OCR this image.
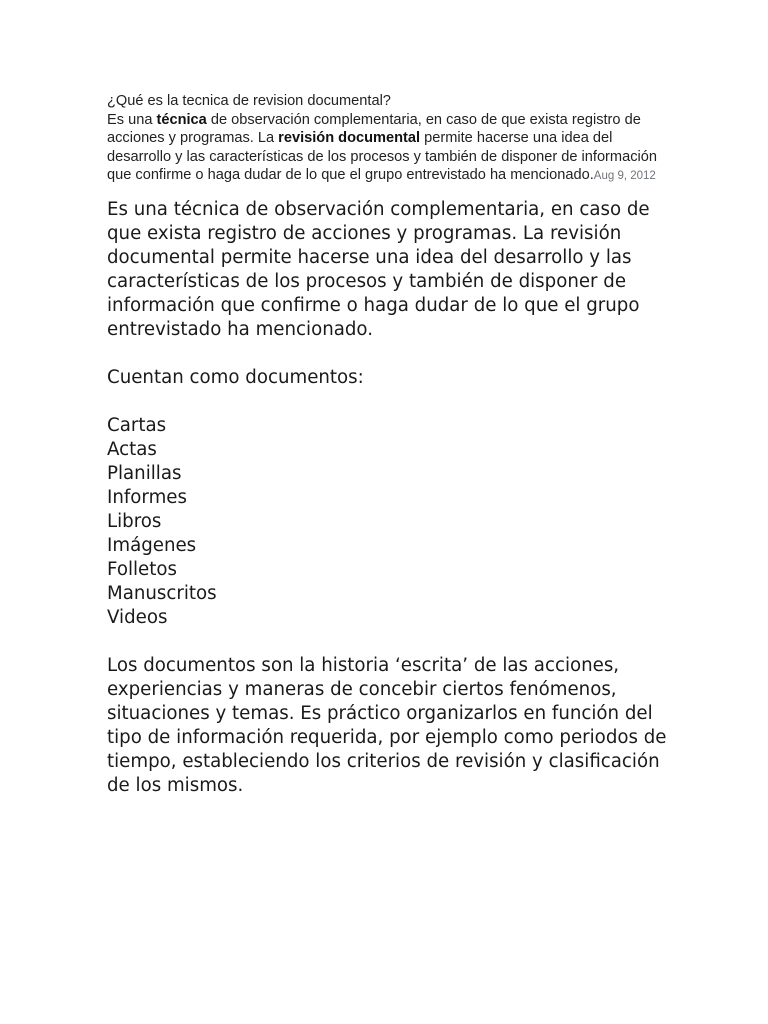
¿Qué es la tecnica de revision documental?
Es una técnica de observación complementaria, en caso de que exista registro de acciones y programas. La revisión documental permite hacerse una idea del desarrollo y las características de los procesos y también de disponer de información que confirme o haga dudar de lo que el grupo entrevistado ha mencionado.Aug 9, 2012

Es una técnica de observación complementaria, en caso de que exista registro de acciones y programas. La revisión documental permite hacerse una idea del desarrollo y las características de los procesos y también de disponer de información que confirme o haga dudar de lo que el grupo entrevistado ha mencionado.

Cuentan como documentos:

Cartas
Actas
Planillas
Informes
Libros
Imágenes
Folletos
Manuscritos
Videos

Los documentos son la historia ‘escrita’ de las acciones, experiencias y maneras de concebir ciertos fenómenos, situaciones y temas. Es práctico organizarlos en función del tipo de información requerida, por ejemplo como periodos de tiempo, estableciendo los criterios de revisión y clasificación de los mismos.
